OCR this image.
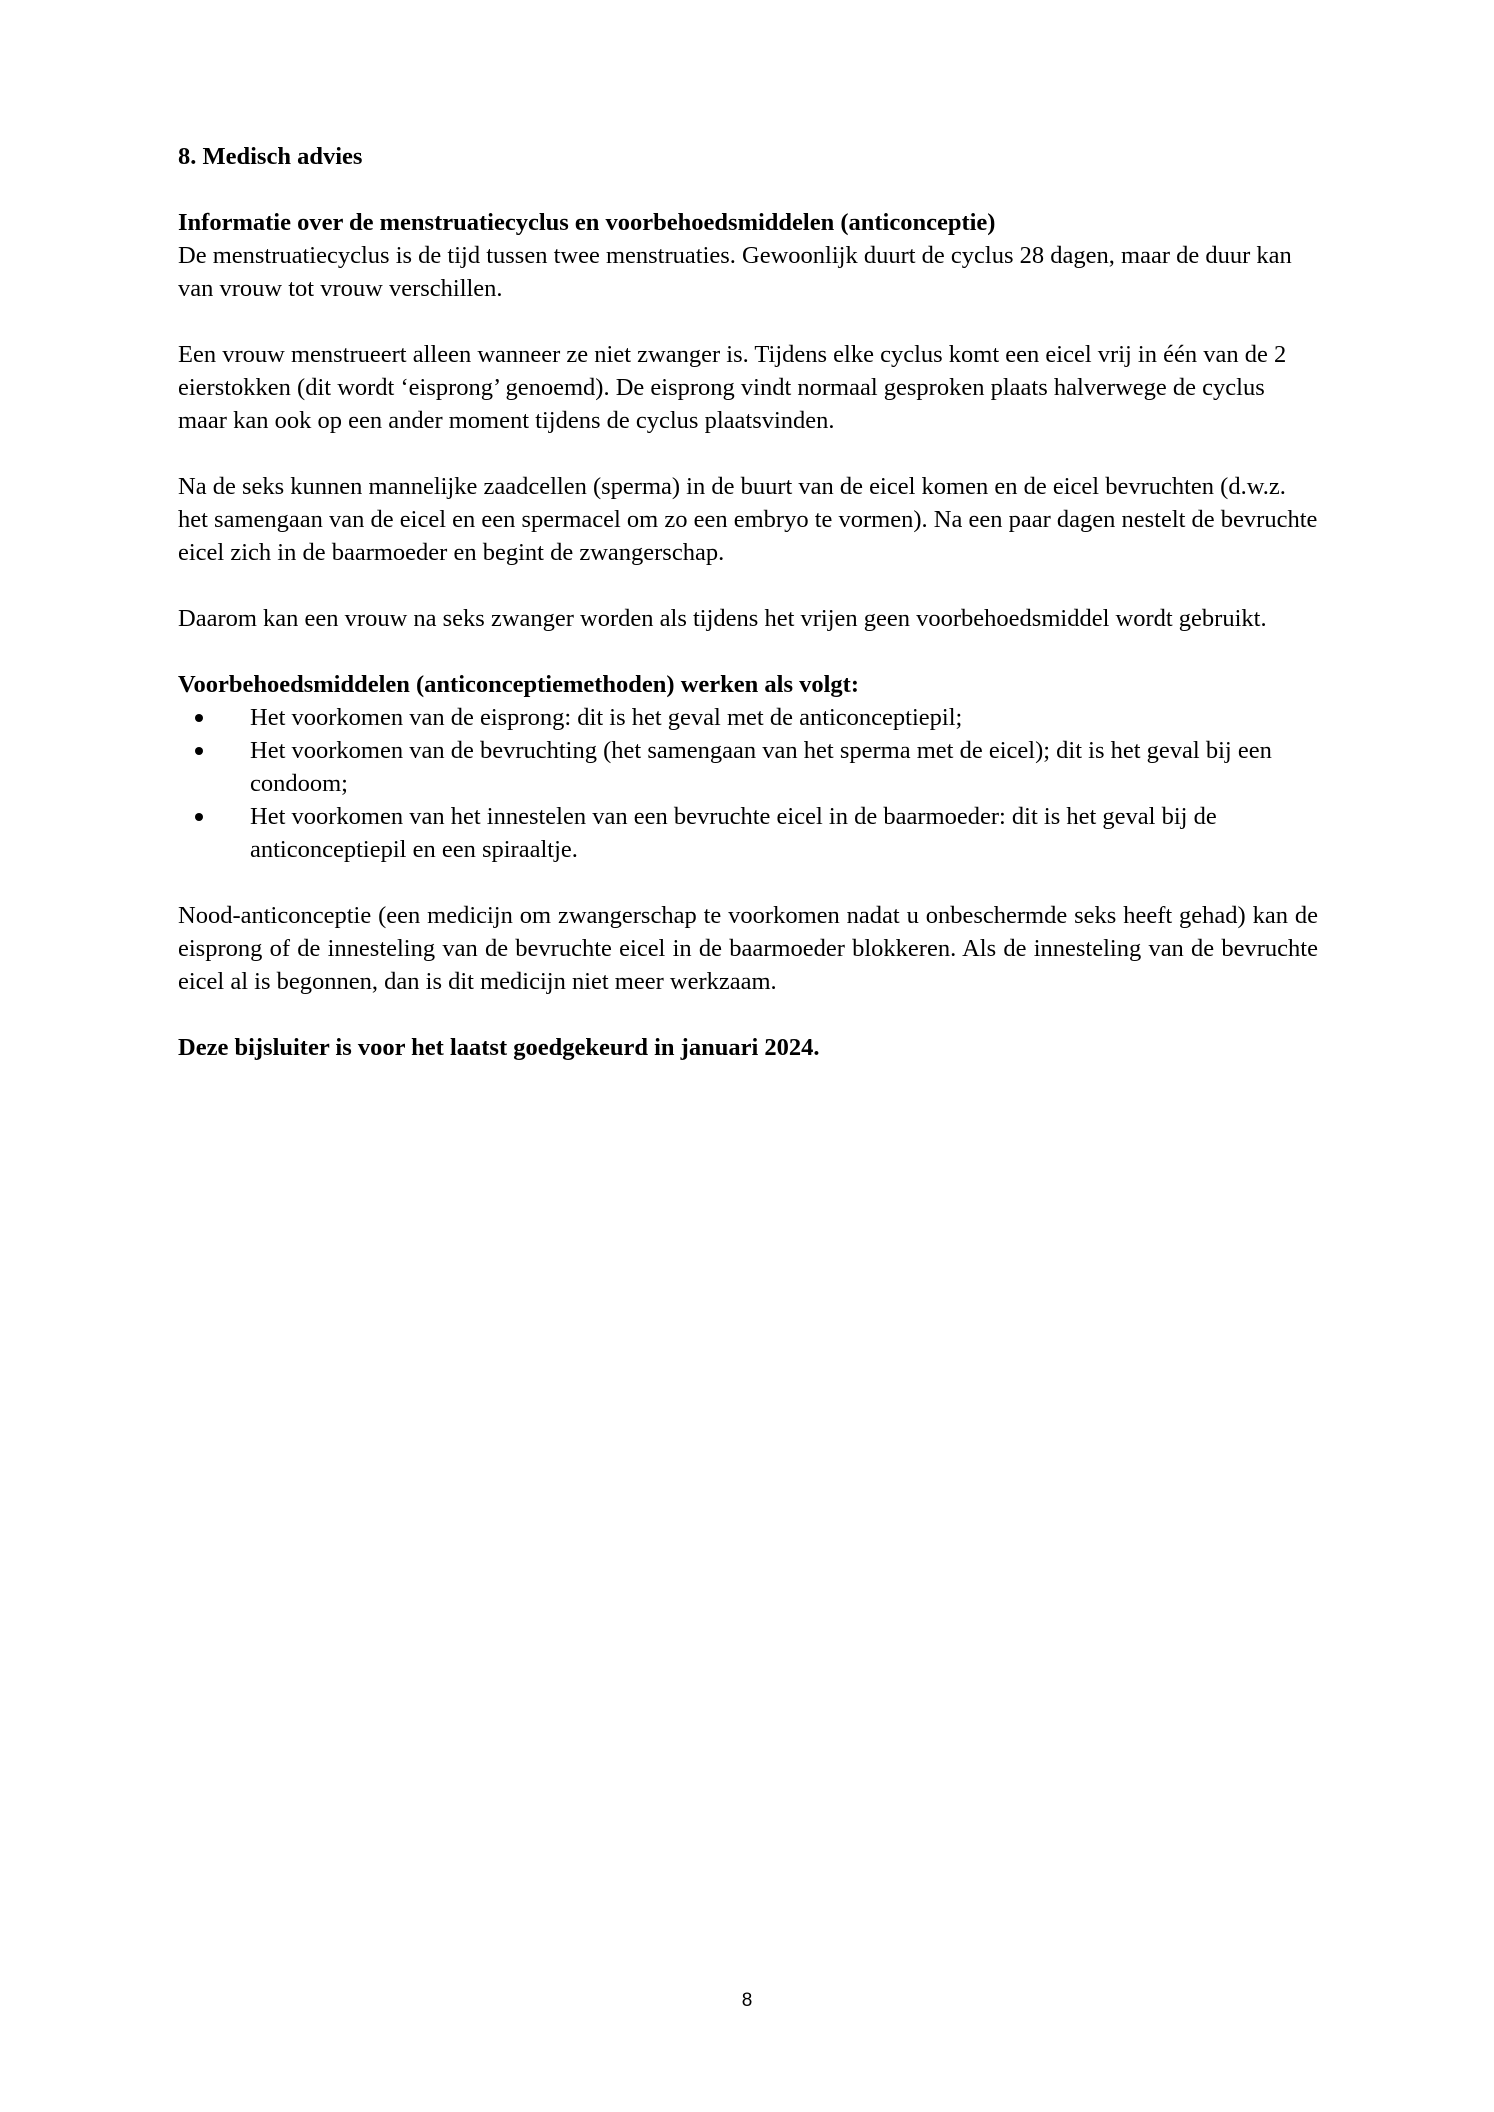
8. Medisch advies
Informatie over de menstruatiecyclus en voorbehoedsmiddelen (anticonceptie)

De menstruatiecyclus is de tijd tussen twee menstruaties. Gewoonlijk duurt de cyclus 28 dagen, maar de duur kan van vrouw tot vrouw verschillen.

Een vrouw menstrueert alleen wanneer ze niet zwanger is. Tijdens elke cyclus komt een eicel vrij in één van de 2 eierstokken (dit wordt ‘eisprong’ genoemd). De eisprong vindt normaal gesproken plaats halverwege de cyclus maar kan ook op een ander moment tijdens de cyclus plaatsvinden.

Na de seks kunnen mannelijke zaadcellen (sperma) in de buurt van de eicel komen en de eicel bevruchten (d.w.z. het samengaan van de eicel en een spermacel om zo een embryo te vormen). Na een paar dagen nestelt de bevruchte eicel zich in de baarmoeder en begint de zwangerschap.

Daarom kan een vrouw na seks zwanger worden als tijdens het vrijen geen voorbehoedsmiddel wordt gebruikt.

Voorbehoedsmiddelen (anticonceptiemethoden) werken als volgt:
Het voorkomen van de eisprong: dit is het geval met de anticonceptiepil;
Het voorkomen van de bevruchting (het samengaan van het sperma met de eicel); dit is het geval bij een condoom;
Het voorkomen van het innestelen van een bevruchte eicel in de baarmoeder: dit is het geval bij de anticonceptiepil en een spiraaltje.

Nood-anticonceptie (een medicijn om zwangerschap te voorkomen nadat u onbeschermde seks heeft gehad) kan de eisprong of de innesteling van de bevruchte eicel in de baarmoeder blokkeren. Als de innesteling van de bevruchte eicel al is begonnen, dan is dit medicijn niet meer werkzaam.

Deze bijsluiter is voor het laatst goedgekeurd in januari 2024.
8
